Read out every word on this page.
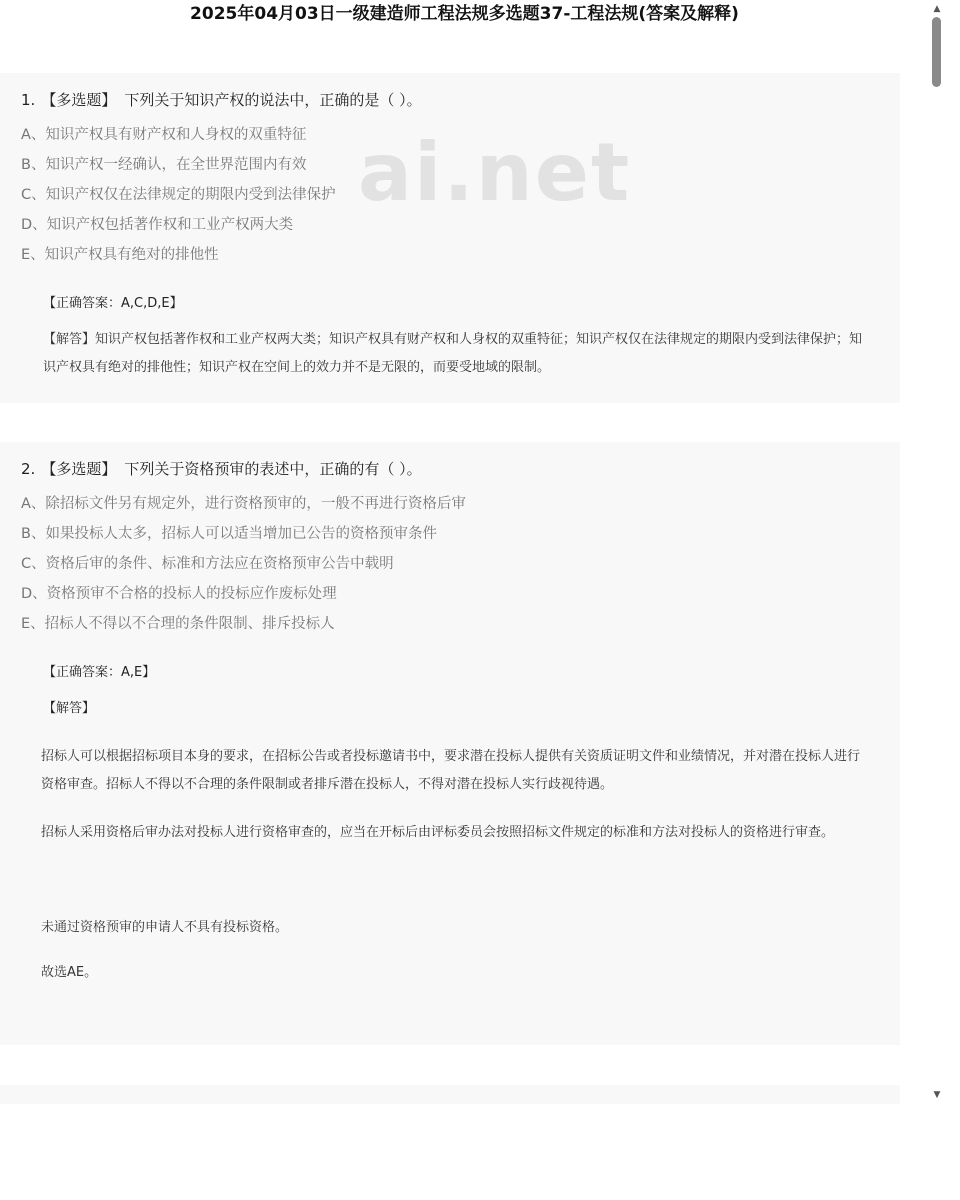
2025年04月03日一级建造师工程法规多选题37-工程法规(答案及解释)
1. 【多选题】 下列关于知识产权的说法中，正确的是（ ）。
A、知识产权具有财产权和人身权的双重特征
B、知识产权一经确认，在全世界范围内有效
C、知识产权仅在法律规定的期限内受到法律保护
D、知识产权包括著作权和工业产权两大类
E、知识产权具有绝对的排他性
【正确答案：A,C,D,E】
【解答】知识产权包括著作权和工业产权两大类；知识产权具有财产权和人身权的双重特征；知识产权仅在法律规定的期限内受到法律保护；知识产权具有绝对的排他性；知识产权在空间上的效力并不是无限的，而要受地域的限制。
2. 【多选题】 下列关于资格预审的表述中，正确的有（ ）。
A、除招标文件另有规定外，进行资格预审的，一般不再进行资格后审
B、如果投标人太多，招标人可以适当增加已公告的资格预审条件
C、资格后审的条件、标准和方法应在资格预审公告中载明
D、资格预审不合格的投标人的投标应作废标处理
E、招标人不得以不合理的条件限制、排斥投标人
【正确答案：A,E】
【解答】
招标人可以根据招标项目本身的要求，在招标公告或者投标邀请书中，要求潜在投标人提供有关资质证明文件和业绩情况，并对潜在投标人进行资格审查。招标人不得以不合理的条件限制或者排斥潜在投标人，不得对潜在投标人实行歧视待遇。
招标人采用资格后审办法对投标人进行资格审查的，应当在开标后由评标委员会按照招标文件规定的标准和方法对投标人的资格进行审查。
未通过资格预审的申请人不具有投标资格。
故选AE。
ai.net
▲
▼
